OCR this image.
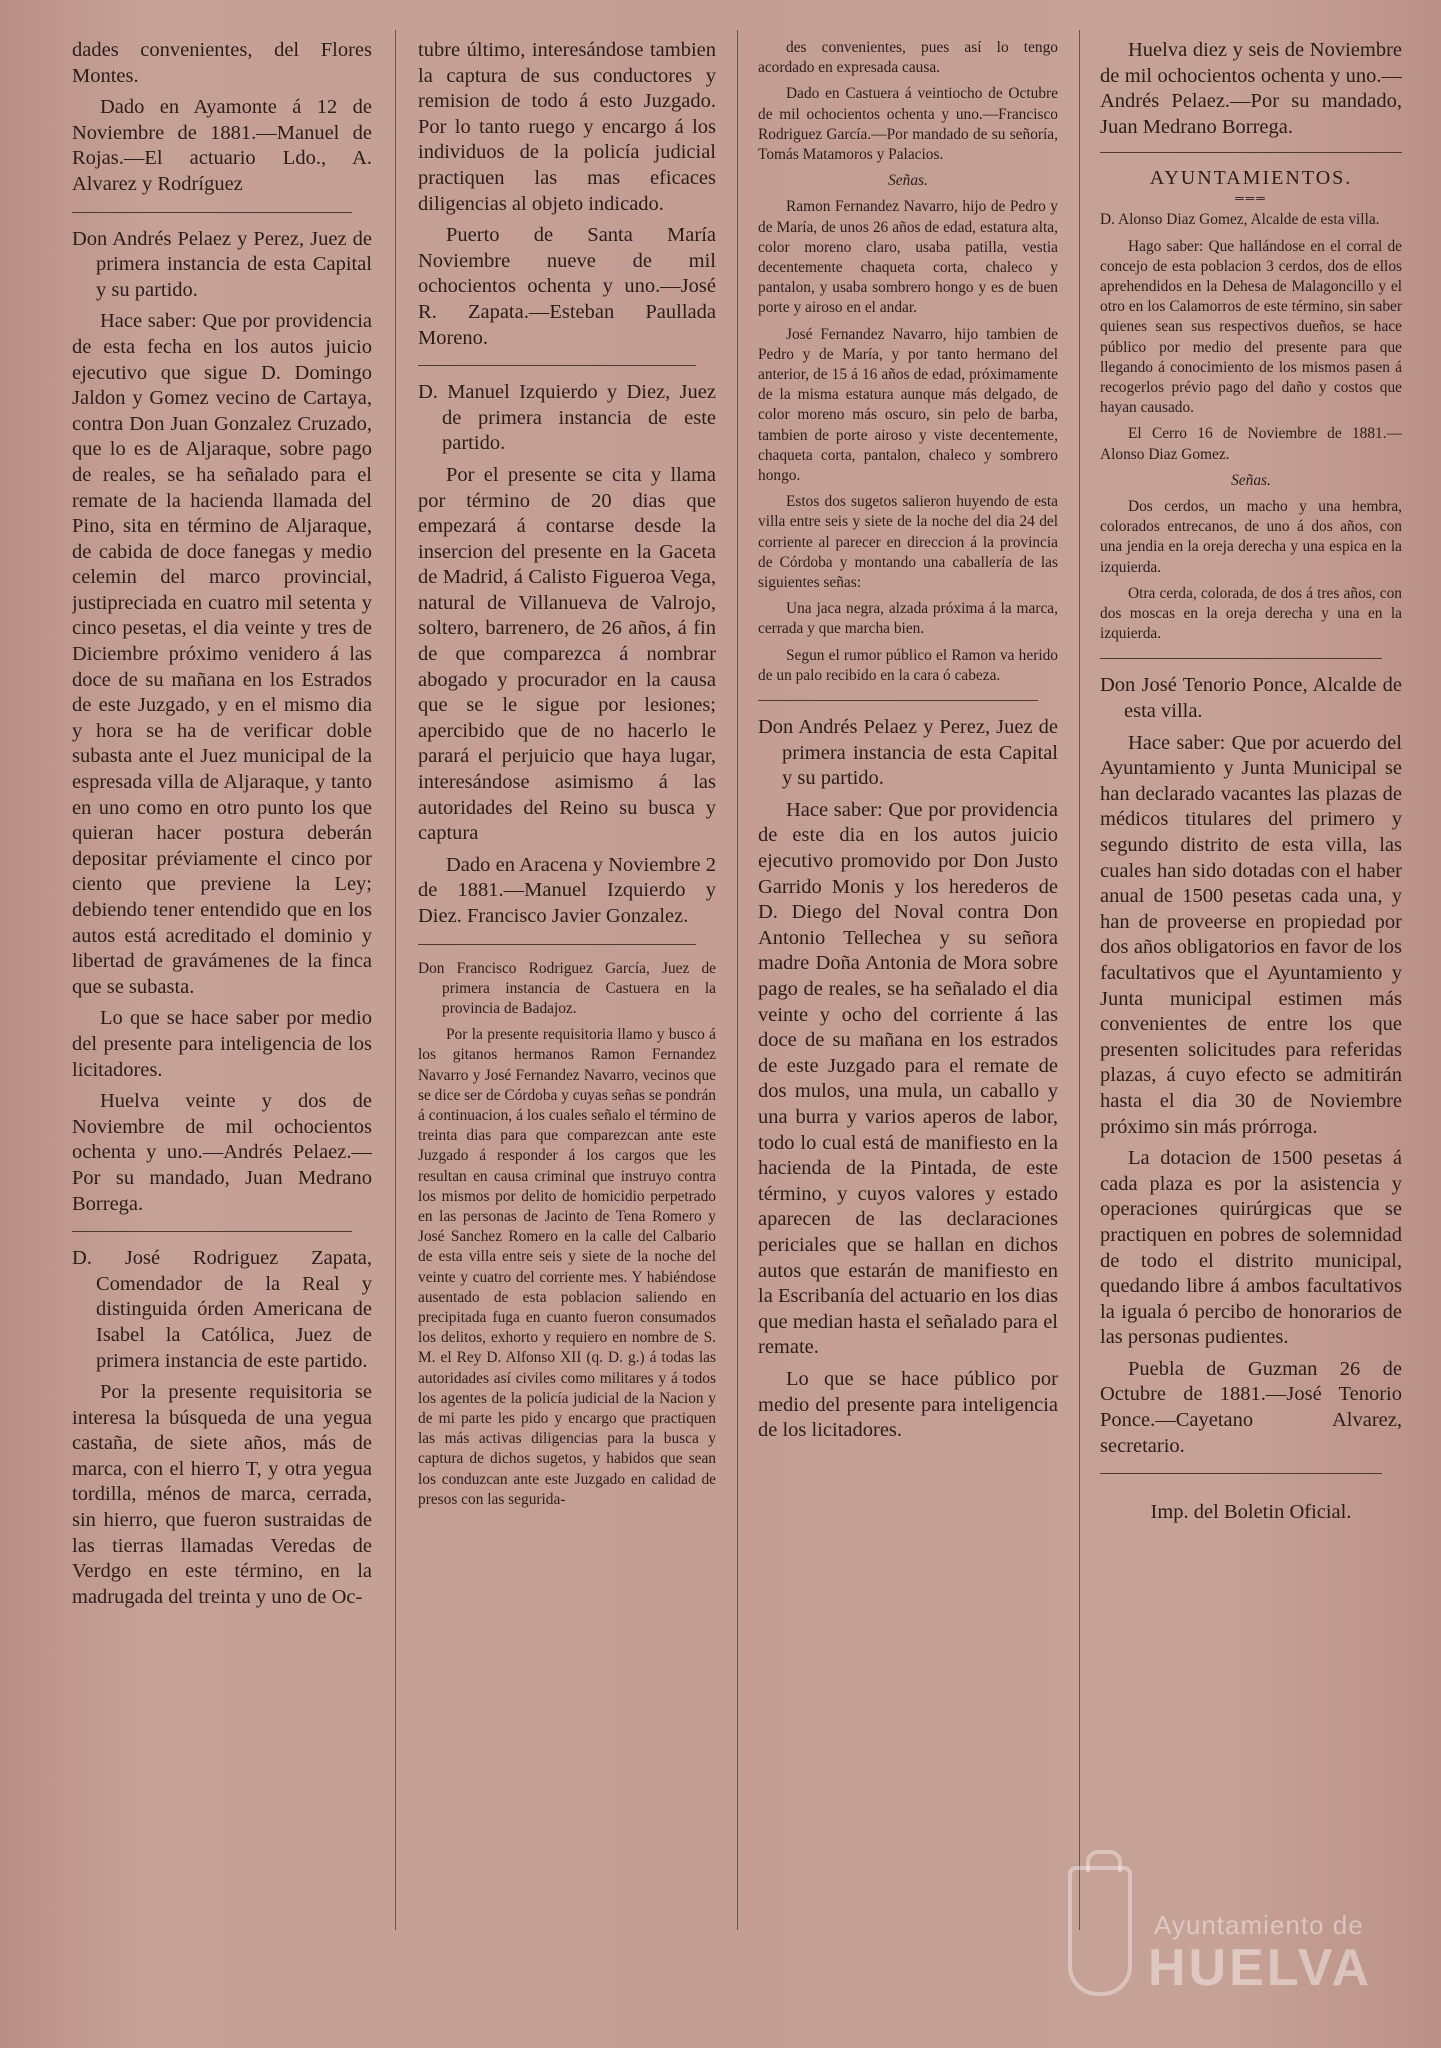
dades convenientes, del Flores Montes.

Dado en Ayamonte á 12 de Noviembre de 1881.—Manuel de Rojas.—El actuario Ldo., A. Alvarez y Rodríguez

Don Andrés Pelaez y Perez, Juez de primera instancia de esta Capital y su partido.

Hace saber: Que por providencia de esta fecha en los autos juicio ejecutivo que sigue D. Domingo Jaldon y Gomez vecino de Cartaya, contra Don Juan Gonzalez Cruzado, que lo es de Aljaraque, sobre pago de reales, se ha señalado para el remate de la hacienda llamada del Pino, sita en término de Aljaraque, de cabida de doce fanegas y medio celemin del marco provincial, justipreciada en cuatro mil setenta y cinco pesetas, el dia veinte y tres de Diciembre próximo venidero á las doce de su mañana en los Estrados de este Juzgado, y en el mismo dia y hora se ha de verificar doble subasta ante el Juez municipal de la espresada villa de Aljaraque, y tanto en uno como en otro punto los que quieran hacer postura deberán depositar préviamente el cinco por ciento que previene la Ley; debiendo tener entendido que en los autos está acreditado el dominio y libertad de gravámenes de la finca que se subasta.

Lo que se hace saber por medio del presente para inteligencia de los licitadores.

Huelva veinte y dos de Noviembre de mil ochocientos ochenta y uno.—Andrés Pelaez.—Por su mandado, Juan Medrano Borrega.

D. José Rodriguez Zapata, Comendador de la Real y distinguida órden Americana de Isabel la Católica, Juez de primera instancia de este partido.

Por la presente requisitoria se interesa la búsqueda de una yegua castaña, de siete años, más de marca, con el hierro T, y otra yegua tordilla, ménos de marca, cerrada, sin hierro, que fueron sustraidas de las tierras llamadas Veredas de Verdgo en este término, en la madrugada del treinta y uno de Oc-

tubre último, interesándose tambien la captura de sus conductores y remision de todo á esto Juzgado. Por lo tanto ruego y encargo á los individuos de la policía judicial practiquen las mas eficaces diligencias al objeto indicado.

Puerto de Santa María Noviembre nueve de mil ochocientos ochenta y uno.—José R. Zapata.—Esteban Paullada Moreno.

D. Manuel Izquierdo y Diez, Juez de primera instancia de este partido.

Por el presente se cita y llama por término de 20 dias que empezará á contarse desde la insercion del presente en la Gaceta de Madrid, á Calisto Figueroa Vega, natural de Villanueva de Valrojo, soltero, barrenero, de 26 años, á fin de que comparezca á nombrar abogado y procurador en la causa que se le sigue por lesiones; apercibido que de no hacerlo le parará el perjuicio que haya lugar, interesándose asimismo á las autoridades del Reino su busca y captura

Dado en Aracena y Noviembre 2 de 1881.—Manuel Izquierdo y Diez. Francisco Javier Gonzalez.

Don Francisco Rodriguez García, Juez de primera instancia de Castuera en la provincia de Badajoz.

Por la presente requisitoria llamo y busco á los gitanos hermanos Ramon Fernandez Navarro y José Fernandez Navarro, vecinos que se dice ser de Córdoba y cuyas señas se pondrán á continuacion, á los cuales señalo el término de treinta dias para que comparezcan ante este Juzgado á responder á los cargos que les resultan en causa criminal que instruyo contra los mismos por delito de homicidio perpetrado en las personas de Jacinto de Tena Romero y José Sanchez Romero en la calle del Calbario de esta villa entre seis y siete de la noche del veinte y cuatro del corriente mes. Y habiéndose ausentado de esta poblacion saliendo en precipitada fuga en cuanto fueron consumados los delitos, exhorto y requiero en nombre de S. M. el Rey D. Alfonso XII (q. D. g.) á todas las autoridades así civiles como militares y á todos los agentes de la policía judicial de la Nacion y de mi parte les pido y encargo que practiquen las más activas diligencias para la busca y captura de dichos sugetos, y habidos que sean los conduzcan ante este Juzgado en calidad de presos con las segurida-

des convenientes, pues así lo tengo acordado en expresada causa.

Dado en Castuera á veintiocho de Octubre de mil ochocientos ochenta y uno.—Francisco Rodriguez García.—Por mandado de su señoría, Tomás Matamoros y Palacios.

Señas.

Ramon Fernandez Navarro, hijo de Pedro y de María, de unos 26 años de edad, estatura alta, color moreno claro, usaba patilla, vestia decentemente chaqueta corta, chaleco y pantalon, y usaba sombrero hongo y es de buen porte y airoso en el andar.

José Fernandez Navarro, hijo tambien de Pedro y de María, y por tanto hermano del anterior, de 15 á 16 años de edad, próximamente de la misma estatura aunque más delgado, de color moreno más oscuro, sin pelo de barba, tambien de porte airoso y viste decentemente, chaqueta corta, pantalon, chaleco y sombrero hongo.

Estos dos sugetos salieron huyendo de esta villa entre seis y siete de la noche del dia 24 del corriente al parecer en direccion á la provincia de Córdoba y montando una caballería de las siguientes señas:

Una jaca negra, alzada próxima á la marca, cerrada y que marcha bien.

Segun el rumor público el Ramon va herido de un palo recibido en la cara ó cabeza.

Don Andrés Pelaez y Perez, Juez de primera instancia de esta Capital y su partido.

Hace saber: Que por providencia de este dia en los autos juicio ejecutivo promovido por Don Justo Garrido Monis y los herederos de D. Diego del Noval contra Don Antonio Tellechea y su señora madre Doña Antonia de Mora sobre pago de reales, se ha señalado el dia veinte y ocho del corriente á las doce de su mañana en los estrados de este Juzgado para el remate de dos mulos, una mula, un caballo y una burra y varios aperos de labor, todo lo cual está de manifiesto en la hacienda de la Pintada, de este término, y cuyos valores y estado aparecen de las declaraciones periciales que se hallan en dichos autos que estarán de manifiesto en la Escribanía del actuario en los dias que median hasta el señalado para el remate.

Lo que se hace público por medio del presente para inteligencia de los licitadores.

Huelva diez y seis de Noviembre de mil ochocientos ochenta y uno.—Andrés Pelaez.—Por su mandado, Juan Medrano Borrega.

AYUNTAMIENTOS.

═══

D. Alonso Diaz Gomez, Alcalde de esta villa.

Hago saber: Que hallándose en el corral de concejo de esta poblacion 3 cerdos, dos de ellos aprehendidos en la Dehesa de Malagoncillo y el otro en los Calamorros de este término, sin saber quienes sean sus respectivos dueños, se hace público por medio del presente para que llegando á conocimiento de los mismos pasen á recogerlos prévio pago del daño y costos que hayan causado.

El Cerro 16 de Noviembre de 1881.—Alonso Diaz Gomez.

Señas.

Dos cerdos, un macho y una hembra, colorados entrecanos, de uno á dos años, con una jendia en la oreja derecha y una espica en la izquierda.

Otra cerda, colorada, de dos á tres años, con dos moscas en la oreja derecha y una en la izquierda.

Don José Tenorio Ponce, Alcalde de esta villa.

Hace saber: Que por acuerdo del Ayuntamiento y Junta Municipal se han declarado vacantes las plazas de médicos titulares del primero y segundo distrito de esta villa, las cuales han sido dotadas con el haber anual de 1500 pesetas cada una, y han de proveerse en propiedad por dos años obligatorios en favor de los facultativos que el Ayuntamiento y Junta municipal estimen más convenientes de entre los que presenten solicitudes para referidas plazas, á cuyo efecto se admitirán hasta el dia 30 de Noviembre próximo sin más prórroga.

La dotacion de 1500 pesetas á cada plaza es por la asistencia y operaciones quirúrgicas que se practiquen en pobres de solemnidad de todo el distrito municipal, quedando libre á ambos facultativos la iguala ó percibo de honorarios de las personas pudientes.

Puebla de Guzman 26 de Octubre de 1881.—José Tenorio Ponce.—Cayetano Alvarez, secretario.

Imp. del Boletin Oficial.

Ayuntamiento de
HUELVA
